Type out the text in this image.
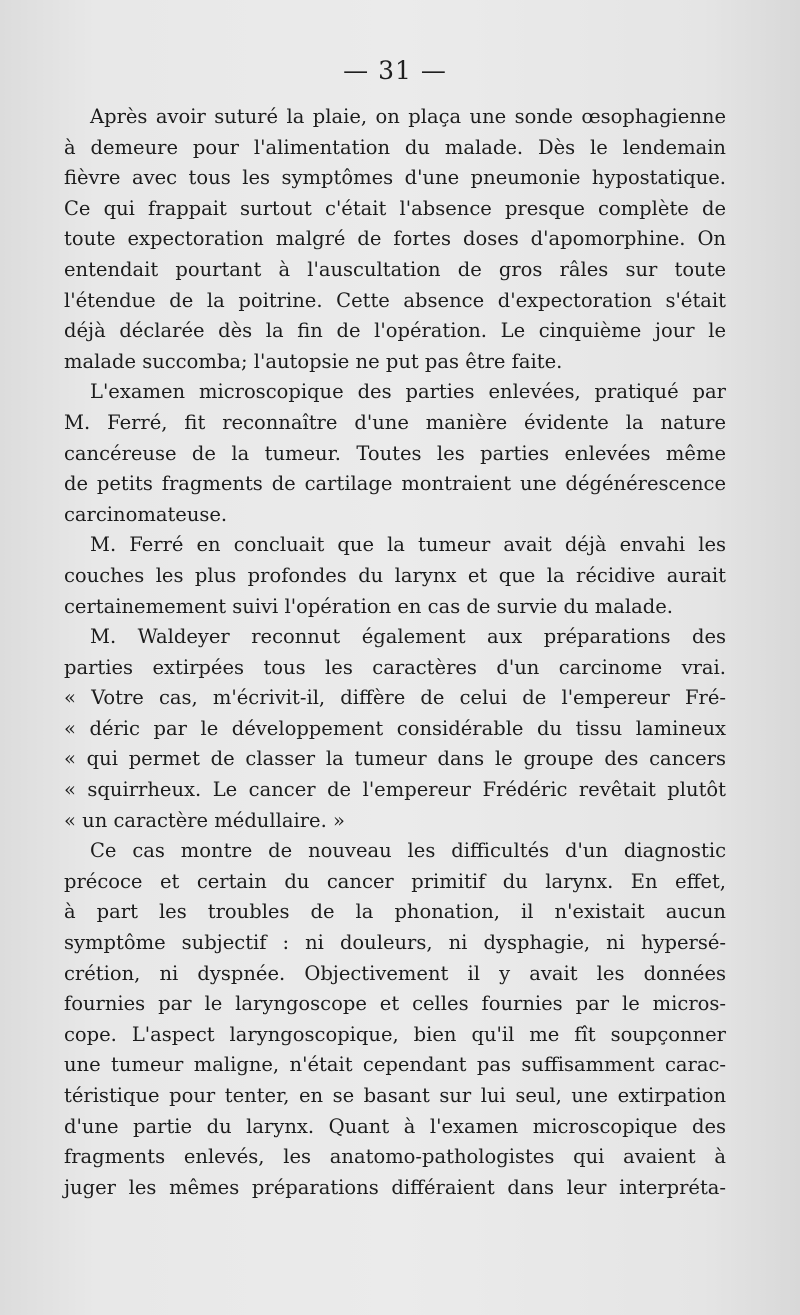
— 31 —
Après avoir suturé la plaie, on plaça une sonde œsophagienne
à demeure pour l'alimentation du malade. Dès le lendemain
fièvre avec tous les symptômes d'une pneumonie hypostatique.
Ce qui frappait surtout c'était l'absence presque complète de
toute expectoration malgré de fortes doses d'apomorphine. On
entendait pourtant à l'auscultation de gros râles sur toute
l'étendue de la poitrine. Cette absence d'expectoration s'était
déjà déclarée dès la fin de l'opération. Le cinquième jour le
malade succomba; l'autopsie ne put pas être faite.
L'examen microscopique des parties enlevées, pratiqué par
M. Ferré, fit reconnaître d'une manière évidente la nature
cancéreuse de la tumeur. Toutes les parties enlevées même
de petits fragments de cartilage montraient une dégénérescence
carcinomateuse.
M. Ferré en concluait que la tumeur avait déjà envahi les
couches les plus profondes du larynx et que la récidive aurait
certainemement suivi l'opération en cas de survie du malade.
M. Waldeyer reconnut également aux préparations des
parties extirpées tous les caractères d'un carcinome vrai.
« Votre cas, m'écrivit-il, diffère de celui de l'empereur Fré-
« déric par le développement considérable du tissu lamineux
« qui permet de classer la tumeur dans le groupe des cancers
« squirrheux. Le cancer de l'empereur Frédéric revêtait plutôt
« un caractère médullaire. »
Ce cas montre de nouveau les difficultés d'un diagnostic
précoce et certain du cancer primitif du larynx. En effet,
à part les troubles de la phonation, il n'existait aucun
symptôme subjectif : ni douleurs, ni dysphagie, ni hypersé-
crétion, ni dyspnée. Objectivement il y avait les données
fournies par le laryngoscope et celles fournies par le micros-
cope. L'aspect laryngoscopique, bien qu'il me fît soupçonner
une tumeur maligne, n'était cependant pas suffisamment carac-
téristique pour tenter, en se basant sur lui seul, une extirpation
d'une partie du larynx. Quant à l'examen microscopique des
fragments enlevés, les anatomo-pathologistes qui avaient à
juger les mêmes préparations différaient dans leur interpréta-
